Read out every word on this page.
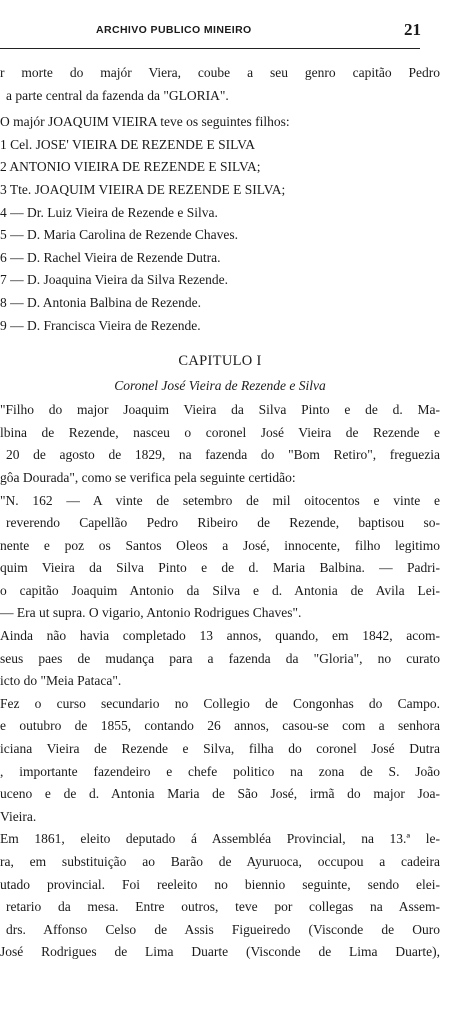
ARCHIVO PUBLICO MINEIRO	21
r morte do majór Viera, coube a seu genro capitão Pedro
a parte central da fazenda da "GLORIA".
O majór JOAQUIM VIEIRA teve os seguintes filhos:
1 Cel. JOSE' VIEIRA DE REZENDE E SILVA
2 ANTONIO VIEIRA DE REZENDE E SILVA;
3 Tte. JOAQUIM VIEIRA DE REZENDE E SILVA;
4 — Dr. Luiz Vieira de Rezende e Silva.
5 — D. Maria Carolina de Rezende Chaves.
6 — D. Rachel Vieira de Rezende Dutra.
7 — D. Joaquina Vieira da Silva Rezende.
8 — D. Antonia Balbina de Rezende.
9 — D. Francisca Vieira de Rezende.
CAPITULO I
Coronel José Vieira de Rezende e Silva
"Filho do major Joaquim Vieira da Silva Pinto e de d. Ma-
lbina de Rezende, nasceu o coronel José Vieira de Rezende e
20 de agosto de 1829, na fazenda do "Bom Retiro", freguezia
gôa Dourada", como se verifica pela seguinte certidão:
"N. 162 — A vinte de setembro de mil oitocentos e vinte e
reverendo Capellão Pedro Ribeiro de Rezende, baptisou so-
nente e poz os Santos Oleos a José, innocente, filho legitimo
quim Vieira da Silva Pinto e de d. Maria Balbina. — Padri-
o capitão Joaquim Antonio da Silva e d. Antonia de Avila Lei-
— Era ut supra. O vigario, Antonio Rodrigues Chaves".
Ainda não havia completado 13 annos, quando, em 1842, acom-
seus paes de mudança para a fazenda da "Gloria", no curato
icto do "Meia Pataca".
Fez o curso secundario no Collegio de Congonhas do Campo.
e outubro de 1855, contando 26 annos, casou-se com a senhora
iciana Vieira de Rezende e Silva, filha do coronel José Dutra
, importante fazendeiro e chefe politico na zona de S. João
uceno e de d. Antonia Maria de São José, irmã do major Joa-
Vieira.
Em 1861, eleito deputado á Assembléa Provincial, na 13.ª le-
ra, em substituição ao Barão de Ayuruoca, occupou a cadeira
utado provincial. Foi reeleito no biennio seguinte, sendo elei-
retario da mesa. Entre outros, teve por collegas na Assem-
drs. Affonso Celso de Assis Figueiredo (Visconde de Ouro
José Rodrigues de Lima Duarte (Visconde de Lima Duarte),
